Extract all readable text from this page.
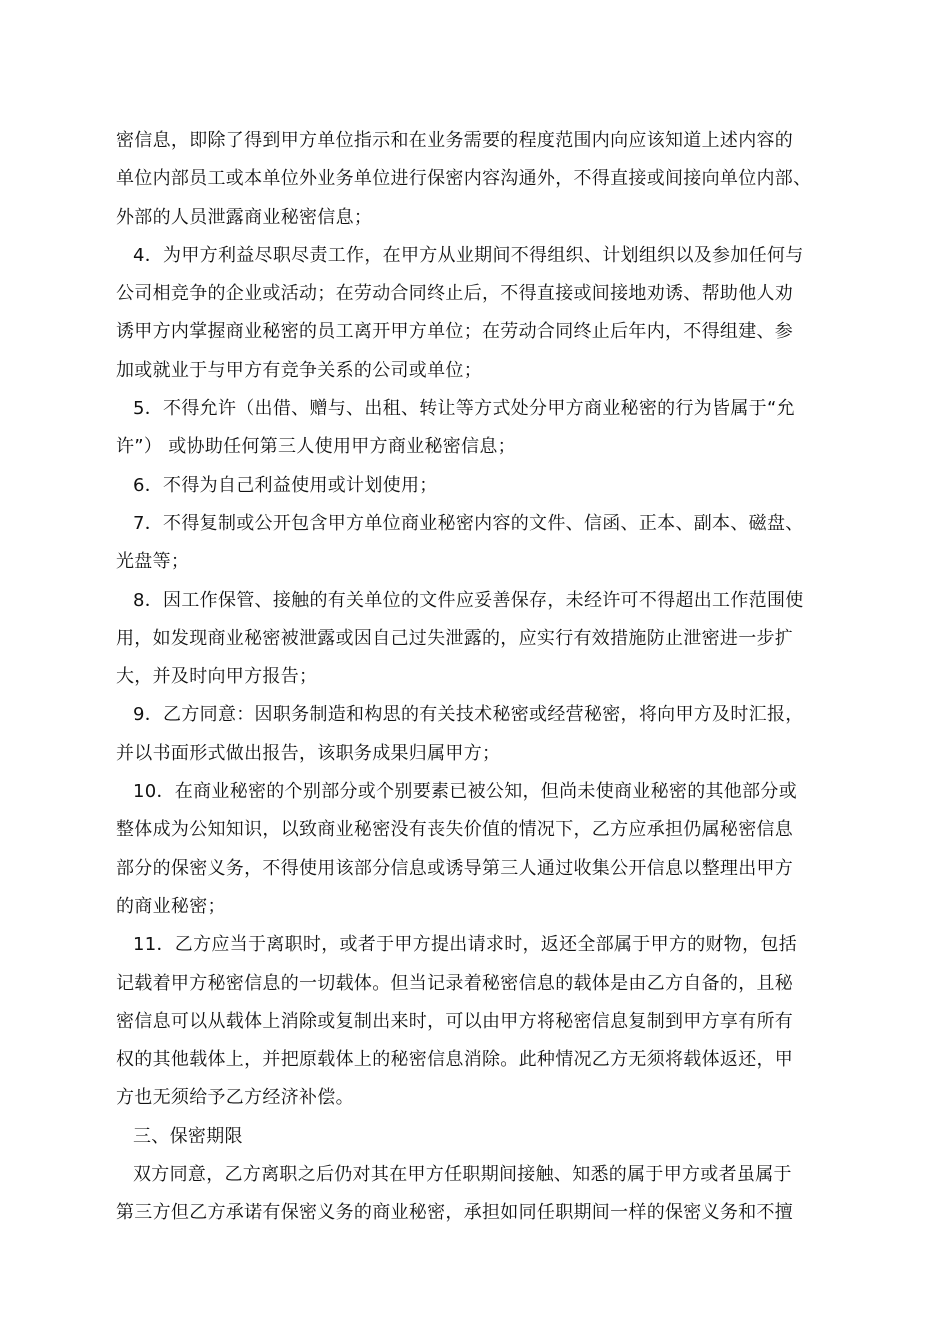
密信息，即除了得到甲方单位指示和在业务需要的程度范围内向应该知道上述内容的
单位内部员工或本单位外业务单位进行保密内容沟通外，不得直接或间接向单位内部、
外部的人员泄露商业秘密信息；
4．为甲方利益尽职尽责工作，在甲方从业期间不得组织、计划组织以及参加任何与
公司相竞争的企业或活动；在劳动合同终止后，不得直接或间接地劝诱、帮助他人劝
诱甲方内掌握商业秘密的员工离开甲方单位；在劳动合同终止后年内，不得组建、参
加或就业于与甲方有竞争关系的公司或单位；
5．不得允许（出借、赠与、出租、转让等方式处分甲方商业秘密的行为皆属于“允
许”） 或协助任何第三人使用甲方商业秘密信息；
6．不得为自己利益使用或计划使用；
7．不得复制或公开包含甲方单位商业秘密内容的文件、信函、正本、副本、磁盘、
光盘等；
8．因工作保管、接触的有关单位的文件应妥善保存，未经许可不得超出工作范围使
用，如发现商业秘密被泄露或因自己过失泄露的，应实行有效措施防止泄密进一步扩
大，并及时向甲方报告；
9．乙方同意：因职务制造和构思的有关技术秘密或经营秘密，将向甲方及时汇报，
并以书面形式做出报告，该职务成果归属甲方；
10．在商业秘密的个别部分或个别要素已被公知，但尚未使商业秘密的其他部分或
整体成为公知知识，以致商业秘密没有丧失价值的情况下，乙方应承担仍属秘密信息
部分的保密义务，不得使用该部分信息或诱导第三人通过收集公开信息以整理出甲方
的商业秘密；
11．乙方应当于离职时，或者于甲方提出请求时，返还全部属于甲方的财物，包括
记载着甲方秘密信息的一切载体。但当记录着秘密信息的载体是由乙方自备的，且秘
密信息可以从载体上消除或复制出来时，可以由甲方将秘密信息复制到甲方享有所有
权的其他载体上，并把原载体上的秘密信息消除。此种情况乙方无须将载体返还，甲
方也无须给予乙方经济补偿。
三、保密期限
双方同意，乙方离职之后仍对其在甲方任职期间接触、知悉的属于甲方或者虽属于
第三方但乙方承诺有保密义务的商业秘密，承担如同任职期间一样的保密义务和不擅
